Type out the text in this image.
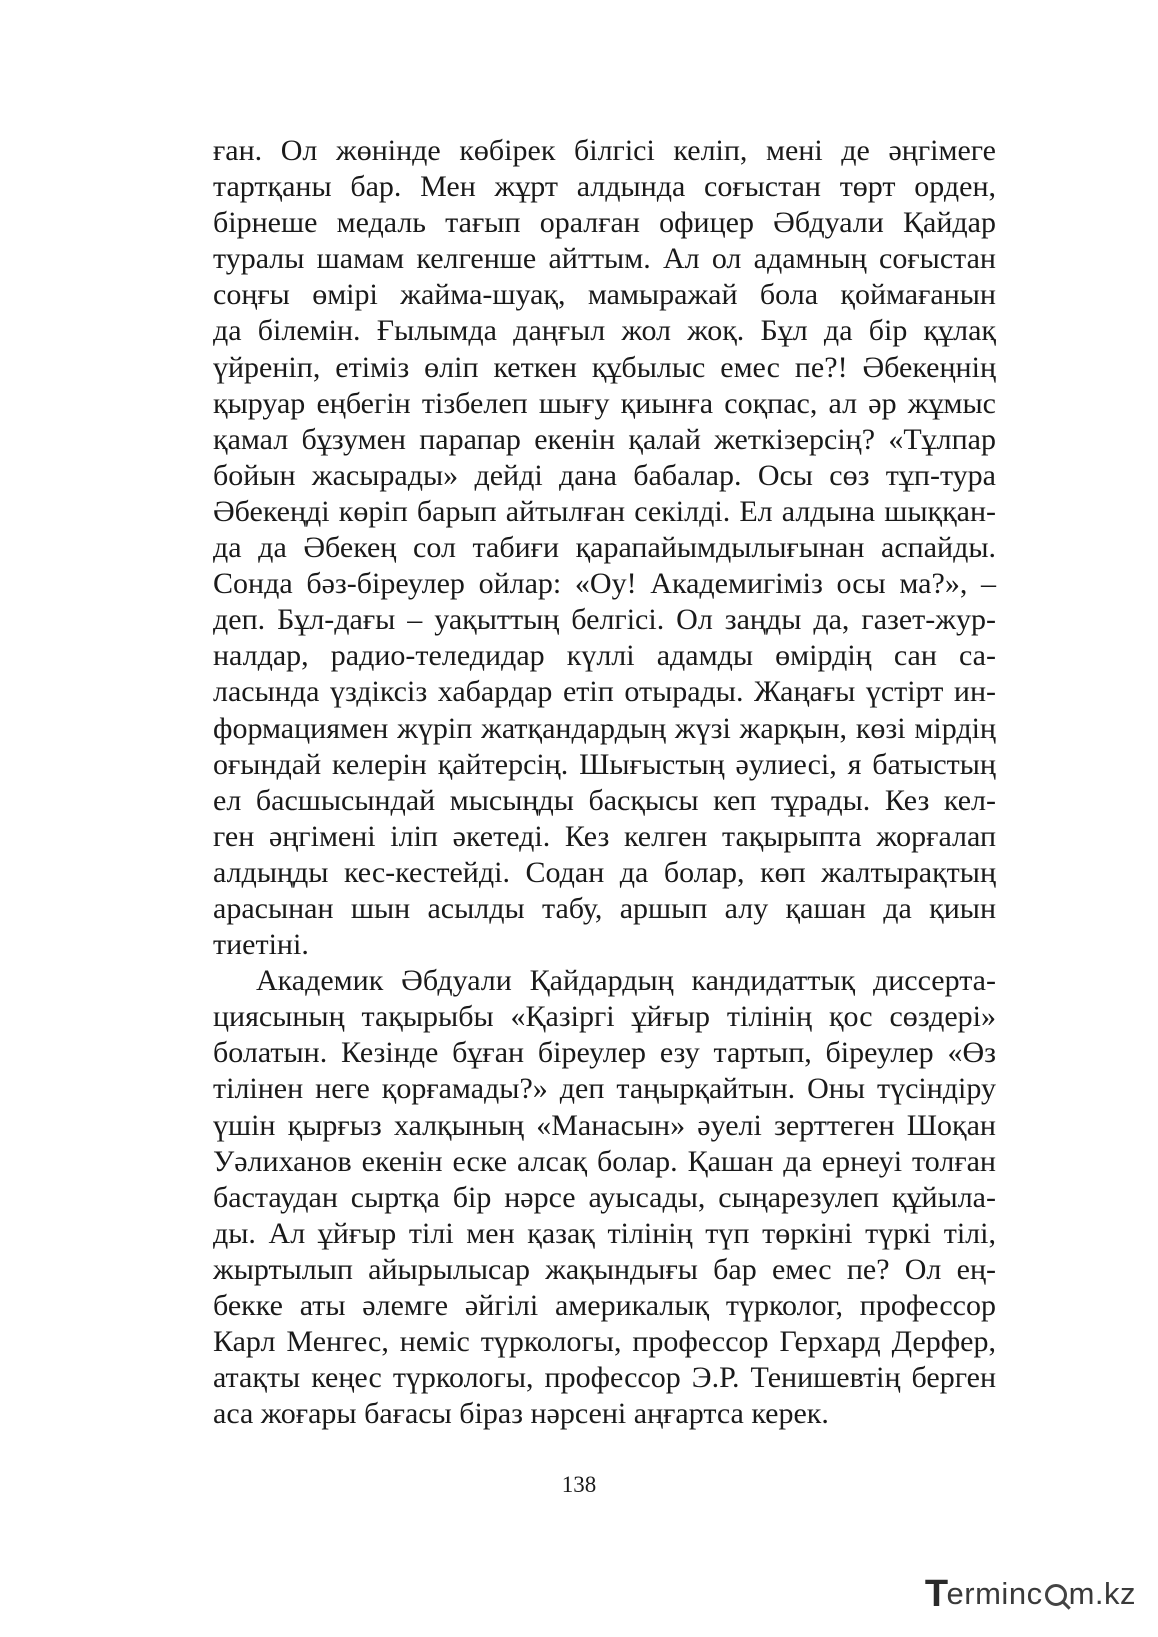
ған. Ол жөнінде көбірек білгісі келіп, мені де әңгімеге
тартқаны бар. Мен жұрт алдында соғыстан төрт орден,
бірнеше медаль тағып оралған офицер Әбдуали Қайдар
туралы шамам келгенше айттым. Ал ол адамның соғыстан
соңғы өмірі жайма-шуақ, мамыражай бола қоймағанын
да білемін. Ғылымда даңғыл жол жоқ. Бұл да бір құлақ
үйреніп, етіміз өліп кеткен құбылыс емес пе?! Әбекеңнің
қыруар еңбегін тізбелеп шығу қиынға соқпас, ал әр жұмыс
қамал бұзумен парапар екенін қалай жеткізерсің? «Тұлпар
бойын жасырады» дейді дана бабалар. Осы сөз тұп-тура
Әбекеңді көріп барып айтылған секілді. Ел алдына шыққан-
да да Әбекең сол табиғи қарапайымдылығынан аспайды.
Сонда бәз-біреулер ойлар: «Оу! Академигіміз осы ма?», –
деп. Бұл-дағы – уақыттың белгісі. Ол заңды да, газет-жур-
налдар, радио-теледидар күллі адамды өмірдің сан са-
ласында үздіксіз хабардар етіп отырады. Жаңағы үстірт ин-
формациямен жүріп жатқандардың жүзі жарқын, көзі мірдің
оғындай келерін қайтерсің. Шығыстың әулиесі, я батыстың
ел басшысындай мысыңды басқысы кеп тұрады. Кез кел-
ген әңгімені іліп әкетеді. Кез келген тақырыпта жорғалап
алдыңды кес-кестейді. Содан да болар, көп жалтырақтың
арасынан шын асылды табу, аршып алу қашан да қиын
тиетіні.
Академик Әбдуали Қайдардың кандидаттық диссерта-
циясының тақырыбы «Қазіргі ұйғыр тілінің қос сөздері»
болатын. Кезінде бұған біреулер езу тартып, біреулер «Өз
тілінен неге қорғамады?» деп таңырқайтын. Оны түсіндіру
үшін қырғыз халқының «Манасын» әуелі зерттеген Шоқан
Уәлиханов екенін еске алсақ болар. Қашан да ернеуі толған
бастаудан сыртқа бір нәрсе ауысады, сыңарезулеп құйыла-
ды. Ал ұйғыр тілі мен қазақ тілінің түп төркіні түркі тілі,
жыртылып айырылысар жақындығы бар емес пе? Ол ең-
бекке аты әлемге әйгілі америкалық түрколог, профессор
Карл Менгес, неміс түркологы, профессор Герхард Дерфер,
атақты кеңес түркологы, профессор Э.Р. Тенишевтің берген
аса жоғары бағасы біраз нәрсені аңғартса керек.
138
T
ermin c m.kz
